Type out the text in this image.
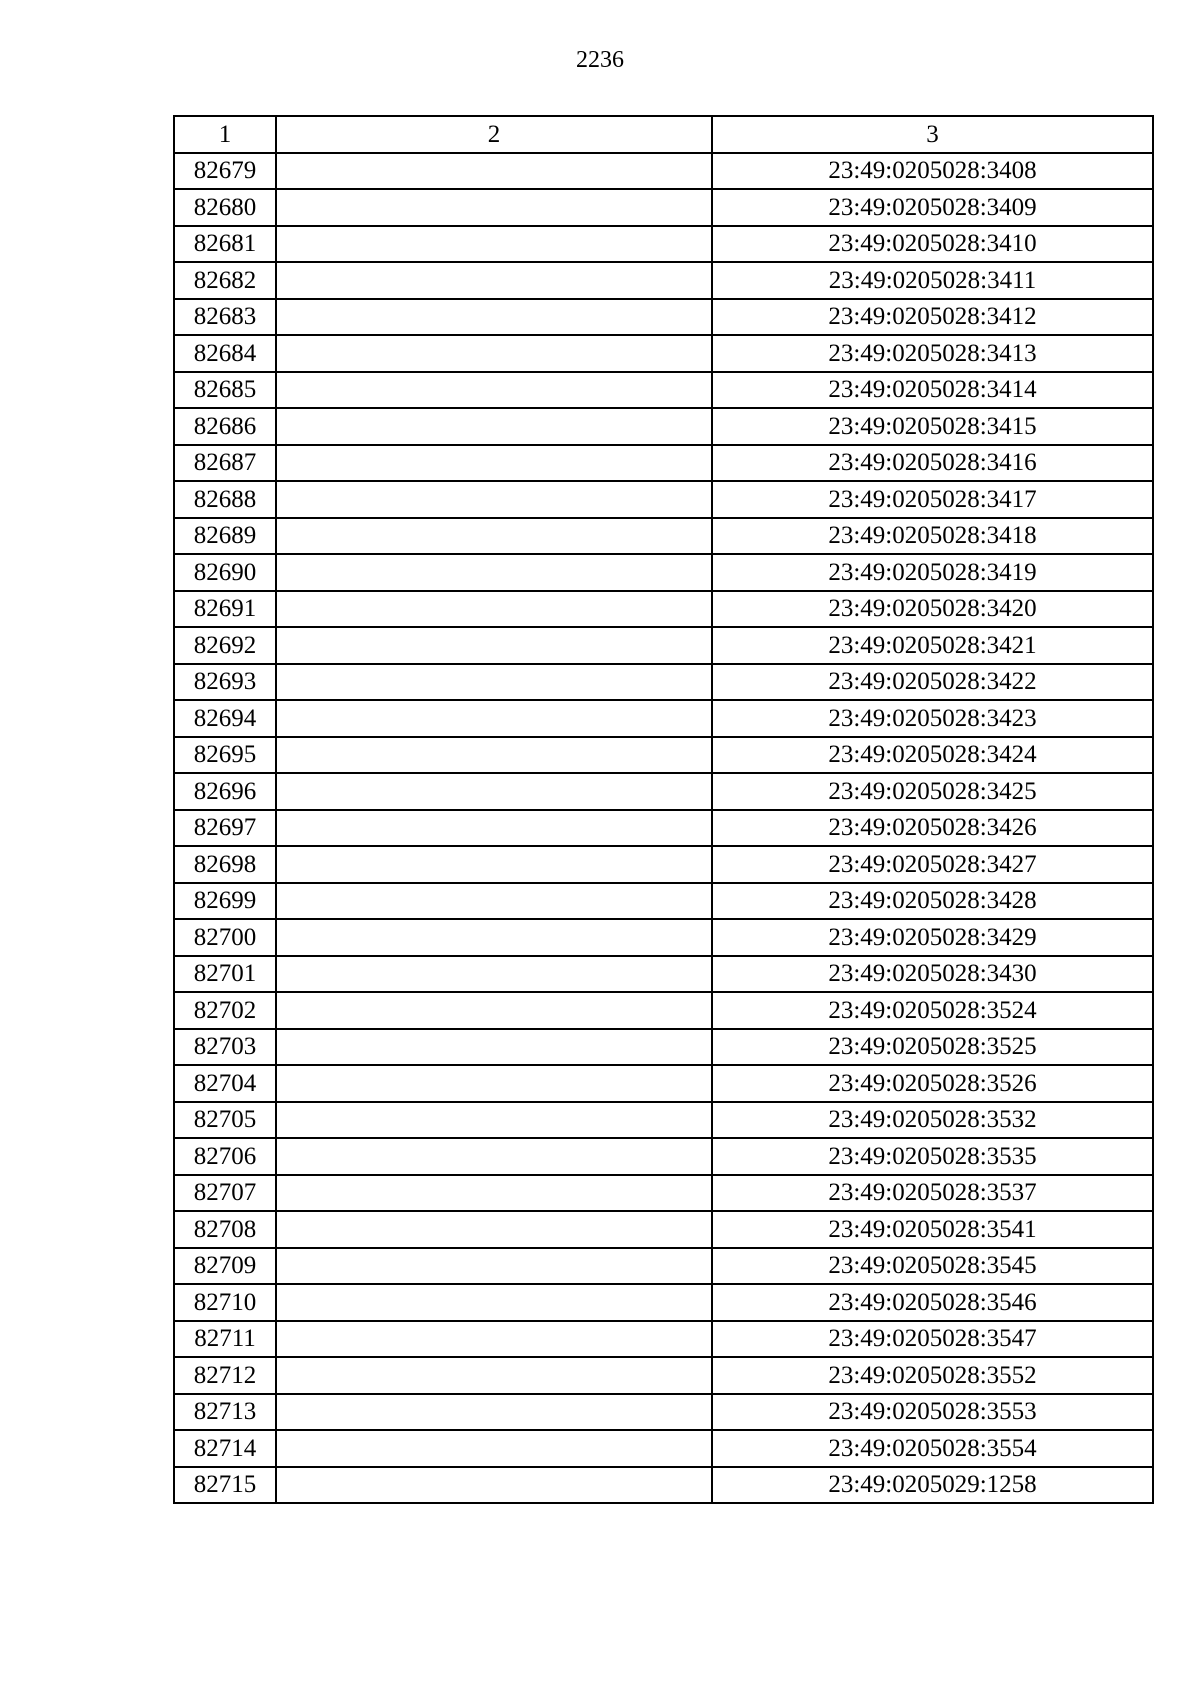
2236
1	2	3
82679		23:49:0205028:3408
82680		23:49:0205028:3409
82681		23:49:0205028:3410
82682		23:49:0205028:3411
82683		23:49:0205028:3412
82684		23:49:0205028:3413
82685		23:49:0205028:3414
82686		23:49:0205028:3415
82687		23:49:0205028:3416
82688		23:49:0205028:3417
82689		23:49:0205028:3418
82690		23:49:0205028:3419
82691		23:49:0205028:3420
82692		23:49:0205028:3421
82693		23:49:0205028:3422
82694		23:49:0205028:3423
82695		23:49:0205028:3424
82696		23:49:0205028:3425
82697		23:49:0205028:3426
82698		23:49:0205028:3427
82699		23:49:0205028:3428
82700		23:49:0205028:3429
82701		23:49:0205028:3430
82702		23:49:0205028:3524
82703		23:49:0205028:3525
82704		23:49:0205028:3526
82705		23:49:0205028:3532
82706		23:49:0205028:3535
82707		23:49:0205028:3537
82708		23:49:0205028:3541
82709		23:49:0205028:3545
82710		23:49:0205028:3546
82711		23:49:0205028:3547
82712		23:49:0205028:3552
82713		23:49:0205028:3553
82714		23:49:0205028:3554
82715		23:49:0205029:1258
